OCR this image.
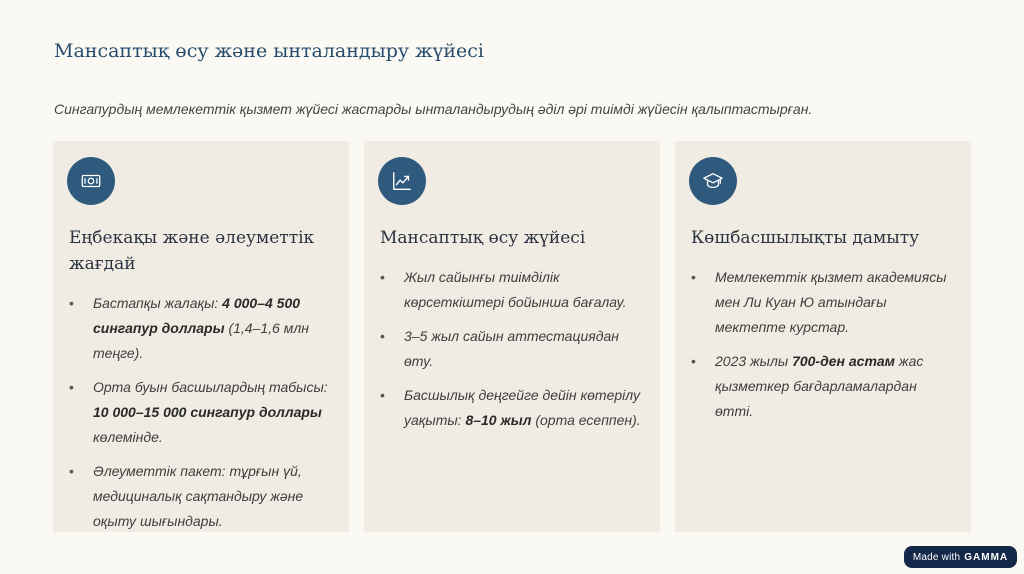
Мансаптық өсу және ынталандыру жүйесі
Сингапурдың мемлекеттік қызмет жүйесі жастарды ынталандырудың әділ әрі тиімді жүйесін қалыптастырған.
Еңбекақы және әлеуметтік жағдай
• Бастапқы жалақы: 4 000–4 500 сингапур доллары (1,4–1,6 млн теңге).
• Орта буын басшылардың табысы: 10 000–15 000 сингапур доллары көлемінде.
• Әлеуметтік пакет: тұрғын үй, медициналық сақтандыру және оқыту шығындары.
Мансаптық өсу жүйесі
• Жыл сайынғы тиімділік көрсеткіштері бойынша бағалау.
• 3–5 жыл сайын аттестациядан өту.
• Басшылық деңгейге дейін көтерілу уақыты: 8–10 жыл (орта есеппен).
Көшбасшылықты дамыту
• Мемлекеттік қызмет академиясы мен Ли Куан Ю атындағы мектепте курстар.
• 2023 жылы 700-ден астам жас қызметкер бағдарламалардан өтті.
Made with GAMMA
